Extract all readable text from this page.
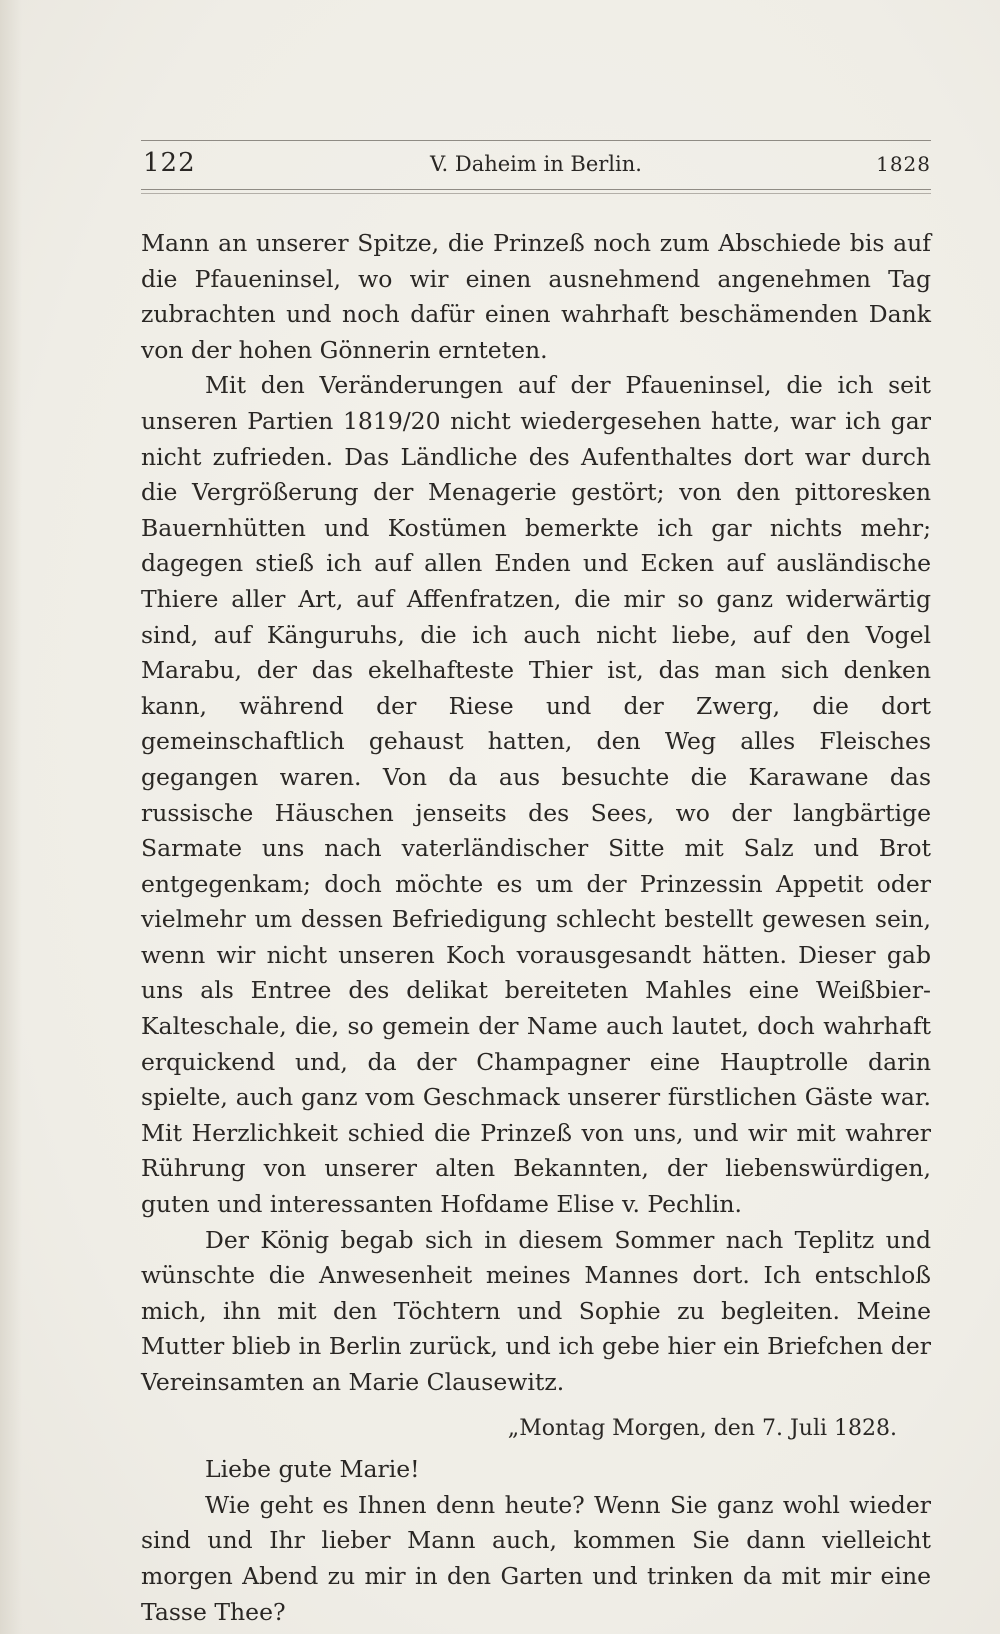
122	V. Daheim in Berlin.	1828

Mann an unserer Spitze, die Prinzeß noch zum Abschiede bis auf die Pfaueninsel, wo wir einen ausnehmend angenehmen Tag zubrachten und noch dafür einen wahrhaft beschämenden Dank von der hohen Gönnerin ernteten.

Mit den Veränderungen auf der Pfaueninsel, die ich seit unseren Partien 1819/20 nicht wiedergesehen hatte, war ich gar nicht zufrieden. Das Ländliche des Aufenthaltes dort war durch die Vergrößerung der Menagerie gestört; von den pittoresken Bauernhütten und Kostümen bemerkte ich gar nichts mehr; dagegen stieß ich auf allen Enden und Ecken auf ausländische Thiere aller Art, auf Affenfratzen, die mir so ganz widerwärtig sind, auf Känguruhs, die ich auch nicht liebe, auf den Vogel Marabu, der das ekelhafteste Thier ist, das man sich denken kann, während der Riese und der Zwerg, die dort gemeinschaftlich gehaust hatten, den Weg alles Fleisches gegangen waren. Von da aus besuchte die Karawane das russische Häuschen jenseits des Sees, wo der langbärtige Sarmate uns nach vaterländischer Sitte mit Salz und Brot entgegenkam; doch möchte es um der Prinzessin Appetit oder vielmehr um dessen Befriedigung schlecht bestellt gewesen sein, wenn wir nicht unseren Koch vorausgesandt hätten. Dieser gab uns als Entree des delikat bereiteten Mahles eine Weißbier-Kalteschale, die, so gemein der Name auch lautet, doch wahrhaft erquickend und, da der Champagner eine Hauptrolle darin spielte, auch ganz vom Geschmack unserer fürstlichen Gäste war. Mit Herzlichkeit schied die Prinzeß von uns, und wir mit wahrer Rührung von unserer alten Bekannten, der liebenswürdigen, guten und interessanten Hofdame Elise v. Pechlin.

Der König begab sich in diesem Sommer nach Teplitz und wünschte die Anwesenheit meines Mannes dort. Ich entschloß mich, ihn mit den Töchtern und Sophie zu begleiten. Meine Mutter blieb in Berlin zurück, und ich gebe hier ein Briefchen der Vereinsamten an Marie Clausewitz.

„Montag Morgen, den 7. Juli 1828.

Liebe gute Marie!

Wie geht es Ihnen denn heute? Wenn Sie ganz wohl wieder sind und Ihr lieber Mann auch, kommen Sie dann vielleicht morgen Abend zu mir in den Garten und trinken da mit mir eine Tasse Thee?
